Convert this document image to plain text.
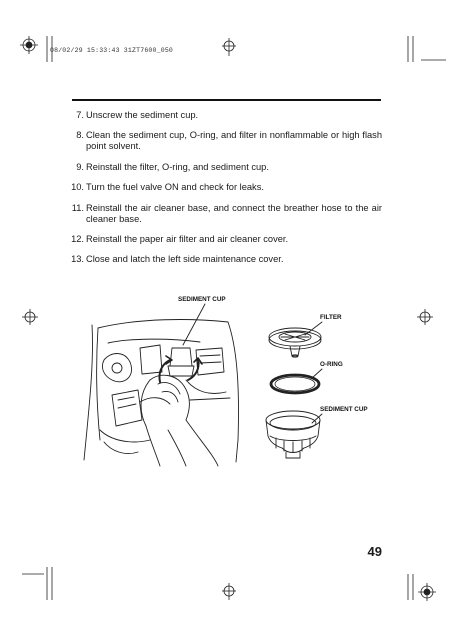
08/02/29 15:33:43 31ZT7600_050
7. Unscrew the sediment cup.
8. Clean the sediment cup, O-ring, and filter in nonflammable or high flash point solvent.
9. Reinstall the filter, O-ring, and sediment cup.
10. Turn the fuel valve ON and check for leaks.
11. Reinstall the air cleaner base, and connect the breather hose to the air cleaner base.
12. Reinstall the paper air filter and air cleaner cover.
13. Close and latch the left side maintenance cover.
SEDIMENT CUP
FILTER
O-RING
SEDIMENT CUP
49
